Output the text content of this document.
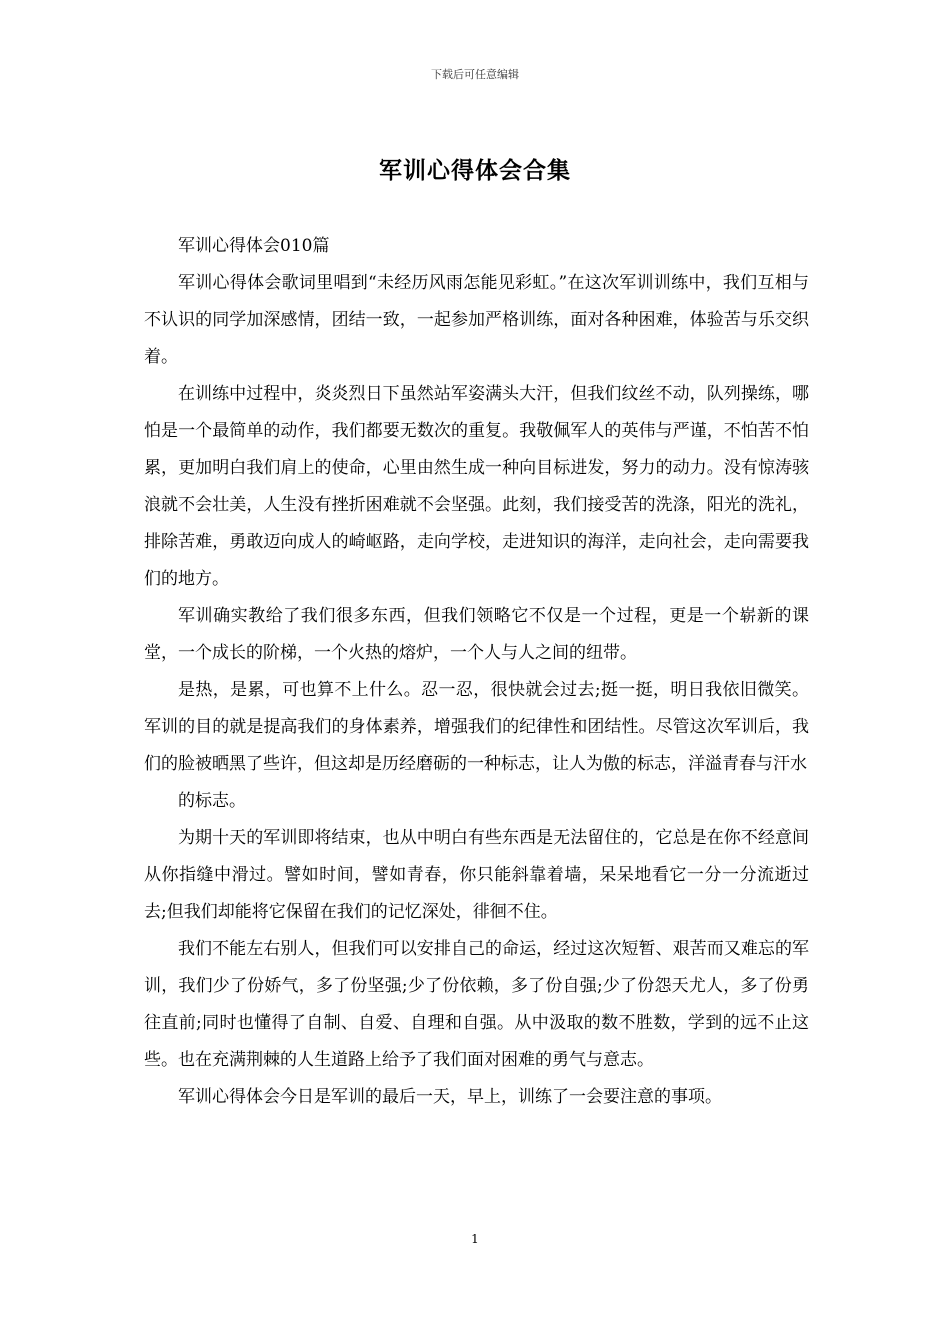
下载后可任意编辑
军训心得体会合集

军训心得体会010篇

军训心得体会歌词里唱到“未经历风雨怎能见彩虹。”在这次军训训练中，我们互相与不认识的同学加深感情，团结一致，一起参加严格训练，面对各种困难，体验苦与乐交织着。

在训练中过程中，炎炎烈日下虽然站军姿满头大汗，但我们纹丝不动，队列操练，哪怕是一个最简单的动作，我们都要无数次的重复。我敬佩军人的英伟与严谨，不怕苦不怕累，更加明白我们肩上的使命，心里由然生成一种向目标进发，努力的动力。没有惊涛骇浪就不会壮美，人生没有挫折困难就不会坚强。此刻，我们接受苦的洗涤，阳光的洗礼，排除苦难，勇敢迈向成人的崎岖路，走向学校，走进知识的海洋，走向社会，走向需要我们的地方。

军训确实教给了我们很多东西，但我们领略它不仅是一个过程，更是一个崭新的课堂，一个成长的阶梯，一个火热的熔炉，一个人与人之间的纽带。

是热，是累，可也算不上什么。忍一忍，很快就会过去;挺一挺，明日我依旧微笑。军训的目的就是提高我们的身体素养，增强我们的纪律性和团结性。尽管这次军训后，我们的脸被晒黑了些许，但这却是历经磨砺的一种标志，让人为傲的标志，洋溢青春与汗水

的标志。

为期十天的军训即将结束，也从中明白有些东西是无法留住的，它总是在你不经意间从你指缝中滑过。譬如时间，譬如青春，你只能斜靠着墙，呆呆地看它一分一分流逝过去;但我们却能将它保留在我们的记忆深处，徘徊不住。

我们不能左右别人，但我们可以安排自己的命运，经过这次短暂、艰苦而又难忘的军训，我们少了份娇气，多了份坚强;少了份依赖，多了份自强;少了份怨天尤人，多了份勇往直前;同时也懂得了自制、自爱、自理和自强。从中汲取的数不胜数，学到的远不止这些。也在充满荆棘的人生道路上给予了我们面对困难的勇气与意志。

军训心得体会今日是军训的最后一天，早上，训练了一会要注意的事项。

1
